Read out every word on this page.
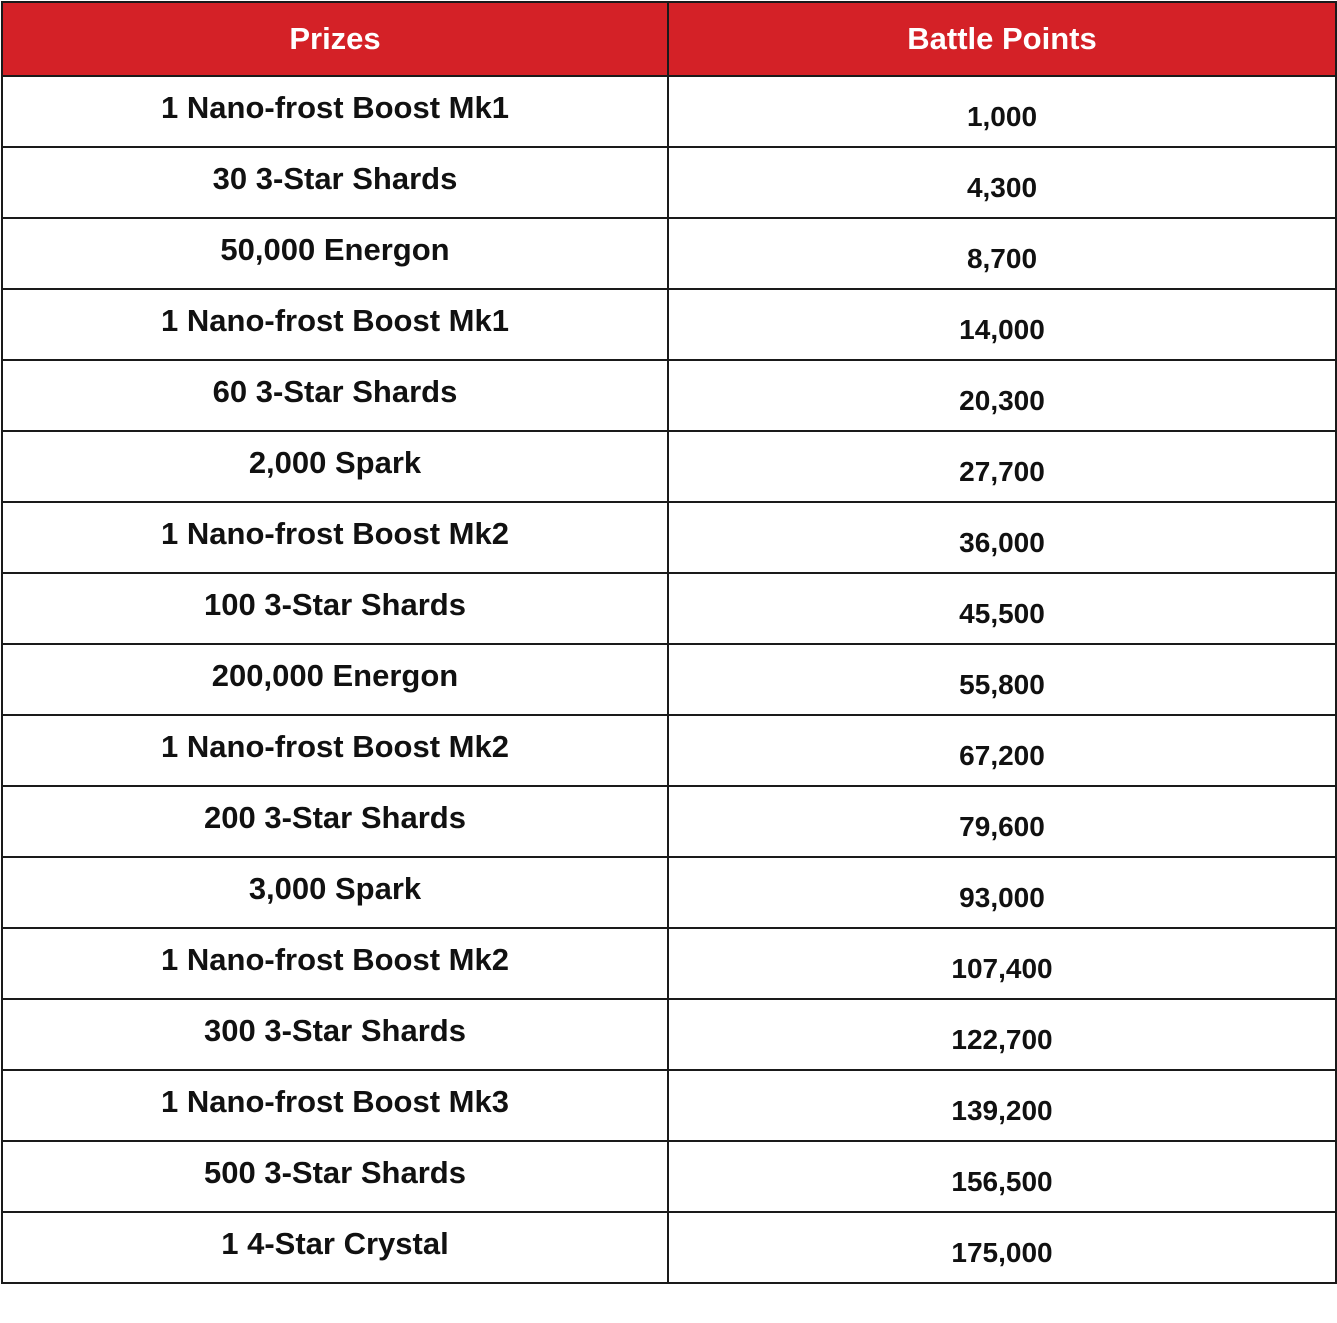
Prizes	Battle Points
1 Nano-frost Boost Mk1	1,000
30 3-Star Shards	4,300
50,000 Energon	8,700
1 Nano-frost Boost Mk1	14,000
60 3-Star Shards	20,300
2,000 Spark	27,700
1 Nano-frost Boost Mk2	36,000
100 3-Star Shards	45,500
200,000 Energon	55,800
1 Nano-frost Boost Mk2	67,200
200 3-Star Shards	79,600
3,000 Spark	93,000
1 Nano-frost Boost Mk2	107,400
300 3-Star Shards	122,700
1 Nano-frost Boost Mk3	139,200
500 3-Star Shards	156,500
1 4-Star Crystal	175,000
